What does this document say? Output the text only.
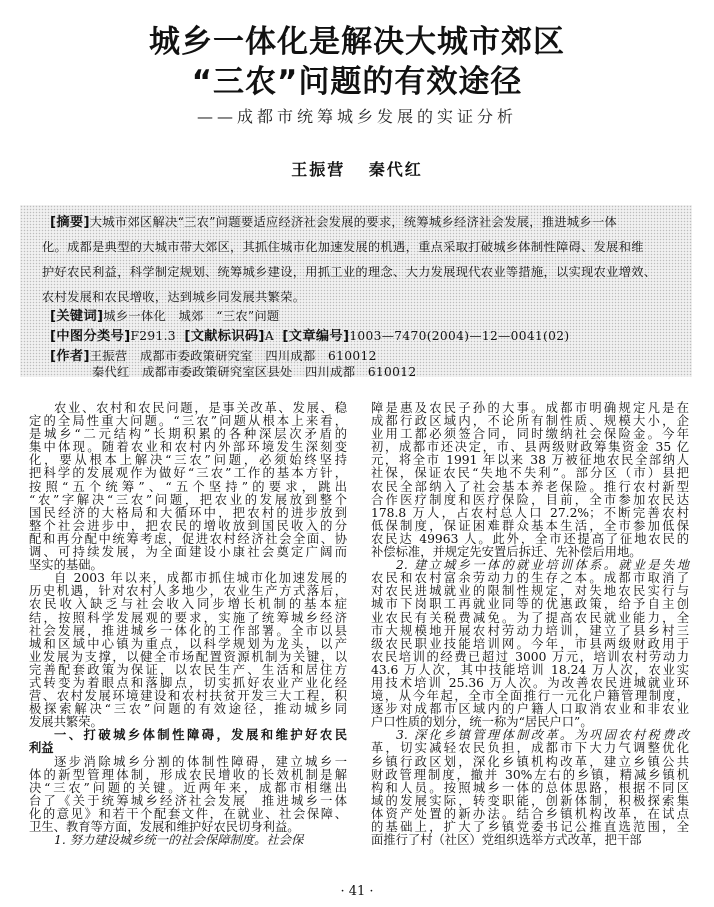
城乡一体化是解决大城市郊区
“三农”问题的有效途径
——成都市统筹城乡发展的实证分析
王振营 秦代红
[摘要]大城市郊区解决“三农”问题要适应经济社会发展的要求，统筹城乡经济社会发展，推进城乡一体
化。成都是典型的大城市带大郊区，其抓住城市化加速发展的机遇，重点采取打破城乡体制性障碍、发展和维
护好农民利益，科学制定规划、统筹城乡建设，用抓工业的理念、大力发展现代农业等措施，以实现农业增效、
农村发展和农民增收，达到城乡同发展共繁荣。
[关键词]城乡一体化　城郊　“三农”问题
[中图分类号]F291.3 [文献标识码]A [文章编号]1003—7470(2004)—12—0041(02)
[作者]王振营　成都市委政策研究室　四川成都　610012
秦代红　成都市委政策研究室区县处　四川成都　610012
农业、农村和农民问题，是事关改革、发展、稳
定的全局性重大问题。“三农”问题从根本上来看，
是城乡“二元结构”长期积累的各种深层次矛盾的
集中体现。随着农业和农村内外部环境发生深刻变
化，要从根本上解决“三农”问题，必须始终坚持
把科学的发展观作为做好“三农”工作的基本方针，
按照“五个统筹”、“五个坚持”的要求，跳出
“农”字解决“三农”问题，把农业的发展放到整个
国民经济的大格局和大循环中，把农村的进步放到
整个社会进步中，把农民的增收放到国民收入的分
配和再分配中统筹考虑，促进农村经济社会全面、协
调、可持续发展，为全面建设小康社会奠定广阔而
坚实的基础。
自 2003 年以来，成都市抓住城市化加速发展的
历史机遇，针对农村人多地少，农业生产方式落后，
农民收入缺乏与社会收入同步增长机制的基本症
结，按照科学发展观的要求，实施了统筹城乡经济
社会发展，推进城乡一体化的工作部署。全市以县
城和区域中心镇为重点，以科学规划为龙头，以产
业发展为支撑，以健全市场配置资源机制为关键，以
完善配套政策为保证，以农民生产、生活和居住方
式转变为着眼点和落脚点，切实抓好农业产业化经
营、农村发展环境建设和农村扶贫开发三大工程，积
极探索解决“三农”问题的有效途径，推动城乡同
发展共繁荣。
一、打破城乡体制性障碍，发展和维护好农民
利益
逐步消除城乡分割的体制性障碍，建立城乡一
体的新型管理体制，形成农民增收的长效机制是解
决“三农”问题的关键。近两年来，成都市相继出
台了《关于统筹城乡经济社会发展　推进城乡一体
化的意见》和若干个配套文件，在就业、社会保障、
卫生、教育等方面，发展和维护好农民切身利益。
1. 努力建设城乡统一的社会保障制度。社会保
障是惠及农民子孙的大事。成都市明确规定凡是在
成都行政区域内，不论所有制性质、规模大小，企
业用工都必须签合同，同时缴纳社会保险金。今年
初，成都市还决定，市、县两级财政筹集资金 35 亿
元，将全市 1991 年以来 38 万被征地农民全部纳人
社保，保证农民“失地不失利”。部分区（市）县把
农民全部纳入了社会基本养老保险。推行农村新型
合作医疗制度和医疗保险，目前，全市参加农民达
178.8 万人，占农村总人口 27.2%；不断完善农村
低保制度，保证困难群众基本生活，全市参加低保
农民达 49963 人。此外，全市还提高了征地农民的
补偿标准，并规定先安置后拆迁、先补偿后用地。
2. 建立城乡一体的就业培训体系。就业是失地
农民和农村富余劳动力的生存之本。成都市取消了
对农民进城就业的限制性规定，对失地农民实行与
城市下岗职工再就业同等的优惠政策，给予自主创
业农民有关税费减免。为了提高农民就业能力，全
市大规模地开展农村劳动力培训，建立了县乡村三
级农民职业技能培训网。今年，市县两级财政用于
农民培训的经费已超过 3000 万元，培训农村劳动力
43.6 万人次，其中技能培训 18.24 万人次，农业实
用技术培训 25.36 万人次。为改善农民进城就业环
境，从今年起，全市全面推行一元化户籍管理制度，
逐步对成都市区域内的户籍人口取消农业和非农业
户口性质的划分，统一称为“居民户口”。
3. 深化乡镇管理体制改革。为巩固农村税费改
革，切实减轻农民负担，成都市下大力气调整优化
乡镇行政区划，深化乡镇机构改革，建立乡镇公共
财政管理制度，撤并 30%左右的乡镇，精减乡镇机
构和人员。按照城乡一体的总体思路，根据不同区
域的发展实际，转变职能，创新体制，积极探索集
体资产处置的新办法。结合乡镇机构改革，在试点
的基础上，扩大了乡镇党委书记公推直选范围，全
面推行了村（社区）党组织选举方式改革，把干部
· 41 ·
